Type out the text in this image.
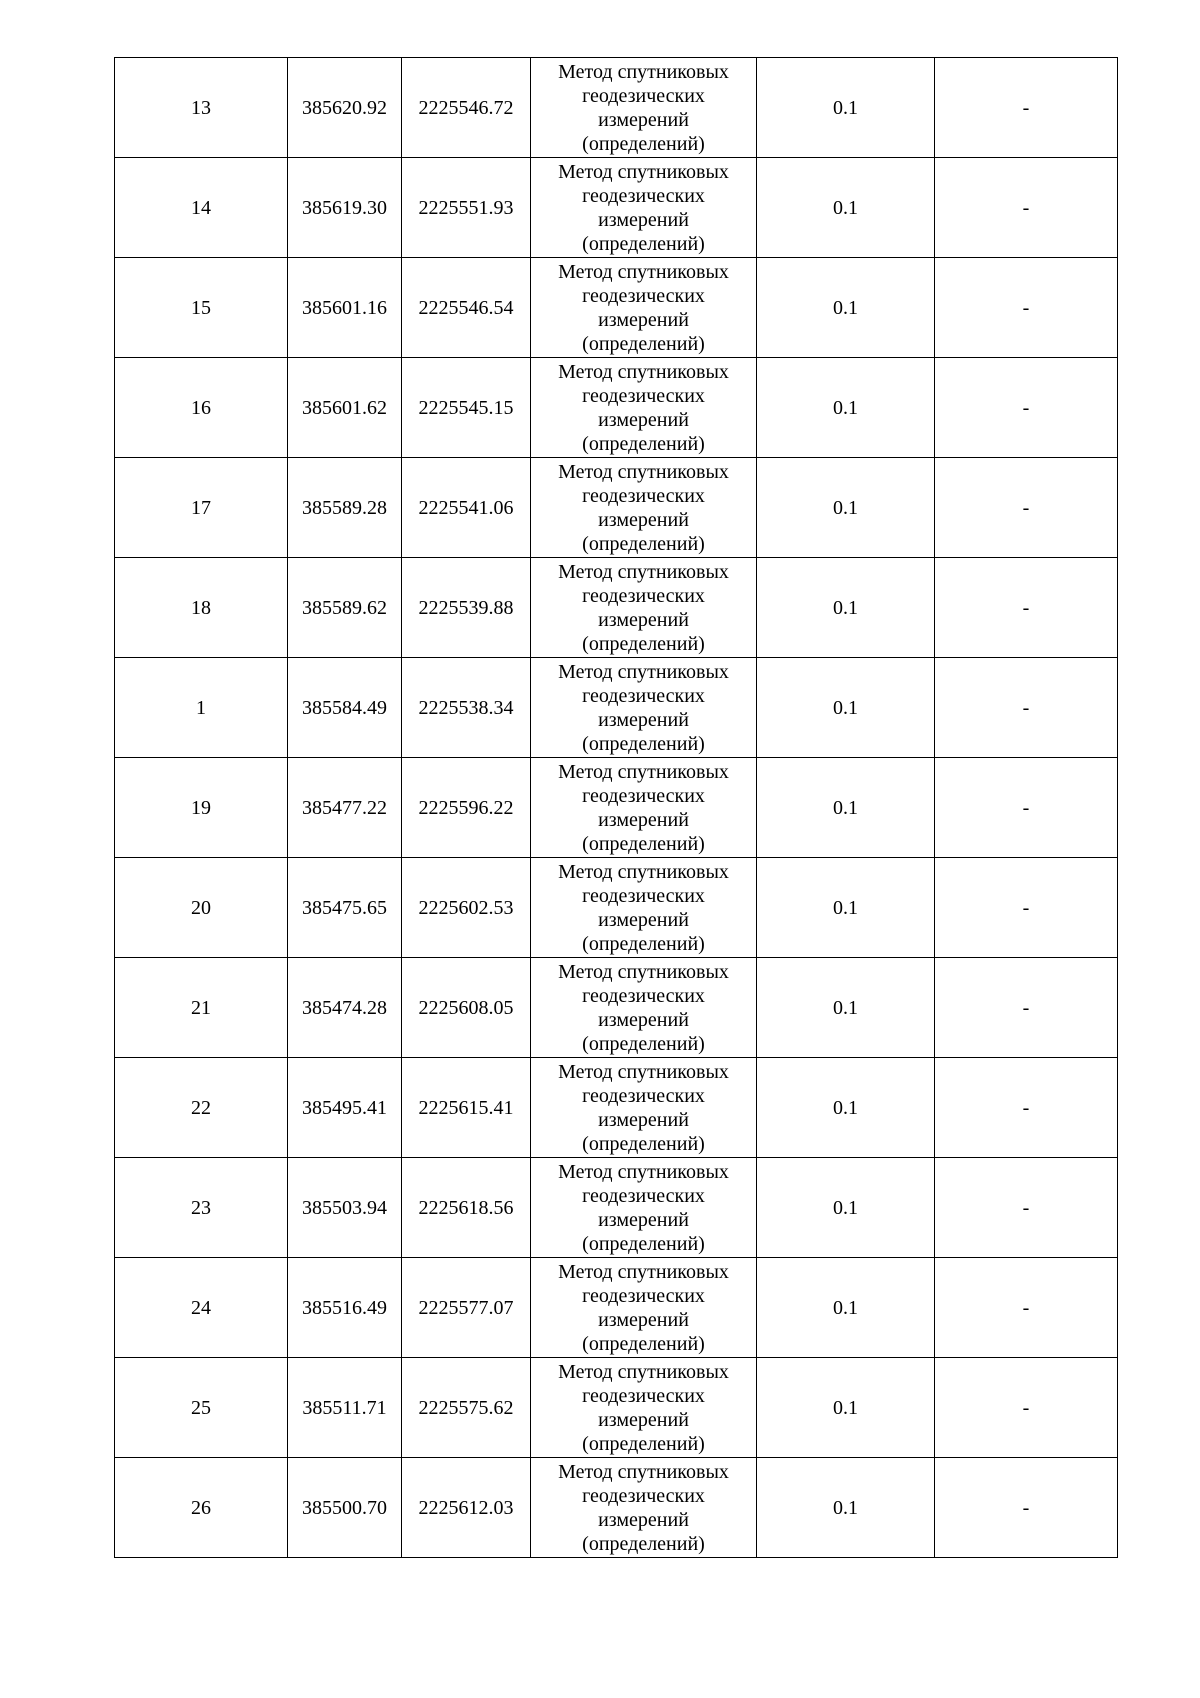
13	385620.92	2225546.72	Метод спутниковых
геодезических
измерений
(определений)	0.1	-
14	385619.30	2225551.93	Метод спутниковых
геодезических
измерений
(определений)	0.1	-
15	385601.16	2225546.54	Метод спутниковых
геодезических
измерений
(определений)	0.1	-
16	385601.62	2225545.15	Метод спутниковых
геодезических
измерений
(определений)	0.1	-
17	385589.28	2225541.06	Метод спутниковых
геодезических
измерений
(определений)	0.1	-
18	385589.62	2225539.88	Метод спутниковых
геодезических
измерений
(определений)	0.1	-
1	385584.49	2225538.34	Метод спутниковых
геодезических
измерений
(определений)	0.1	-
19	385477.22	2225596.22	Метод спутниковых
геодезических
измерений
(определений)	0.1	-
20	385475.65	2225602.53	Метод спутниковых
геодезических
измерений
(определений)	0.1	-
21	385474.28	2225608.05	Метод спутниковых
геодезических
измерений
(определений)	0.1	-
22	385495.41	2225615.41	Метод спутниковых
геодезических
измерений
(определений)	0.1	-
23	385503.94	2225618.56	Метод спутниковых
геодезических
измерений
(определений)	0.1	-
24	385516.49	2225577.07	Метод спутниковых
геодезических
измерений
(определений)	0.1	-
25	385511.71	2225575.62	Метод спутниковых
геодезических
измерений
(определений)	0.1	-
26	385500.70	2225612.03	Метод спутниковых
геодезических
измерений
(определений)	0.1	-
